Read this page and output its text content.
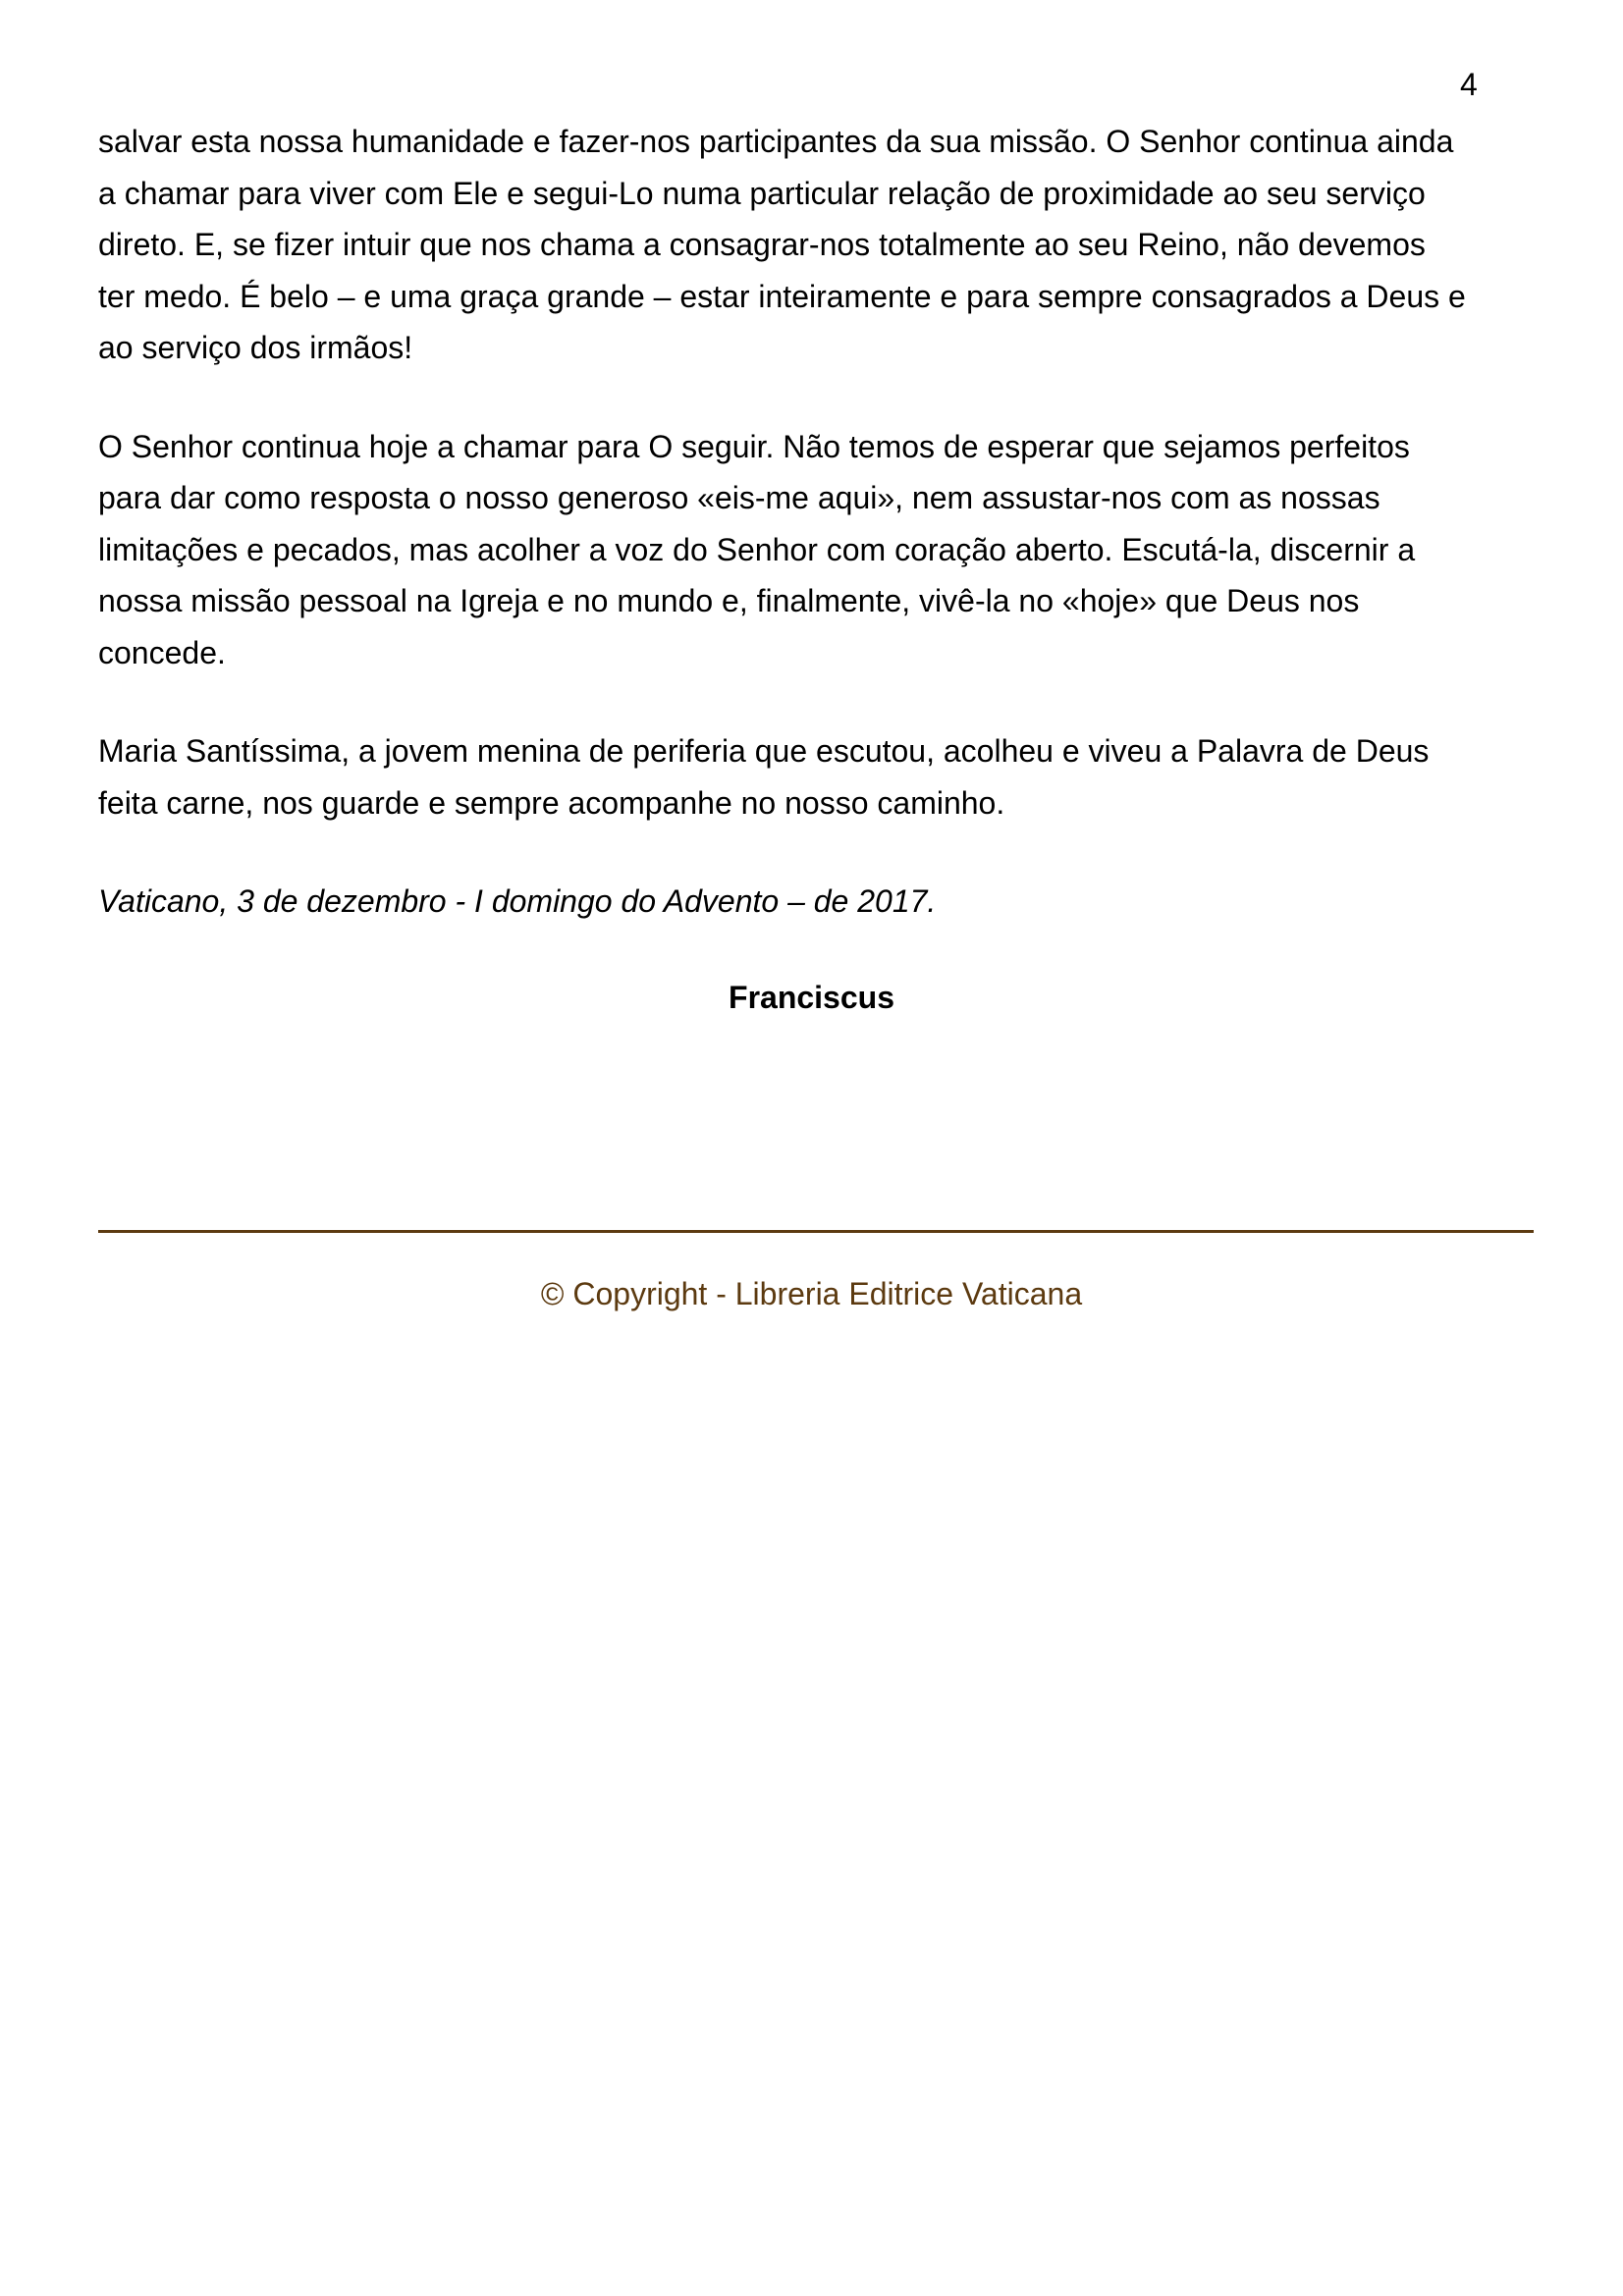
4
salvar esta nossa humanidade e fazer-nos participantes da sua missão. O Senhor continua ainda
a chamar para viver com Ele e segui-Lo numa particular relação de proximidade ao seu serviço
direto. E, se fizer intuir que nos chama a consagrar-nos totalmente ao seu Reino, não devemos
ter medo. É belo – e uma graça grande – estar inteiramente e para sempre consagrados a Deus e
ao serviço dos irmãos!
O Senhor continua hoje a chamar para O seguir. Não temos de esperar que sejamos perfeitos
para dar como resposta o nosso generoso «eis-me aqui», nem assustar-nos com as nossas
limitações e pecados, mas acolher a voz do Senhor com coração aberto. Escutá-la, discernir a
nossa missão pessoal na Igreja e no mundo e, finalmente, vivê-la no «hoje» que Deus nos
concede.
Maria Santíssima, a jovem menina de periferia que escutou, acolheu e viveu a Palavra de Deus
feita carne, nos guarde e sempre acompanhe no nosso caminho.

Vaticano, 3 de dezembro - I domingo do Advento – de 2017.

Franciscus
© Copyright - Libreria Editrice Vaticana
